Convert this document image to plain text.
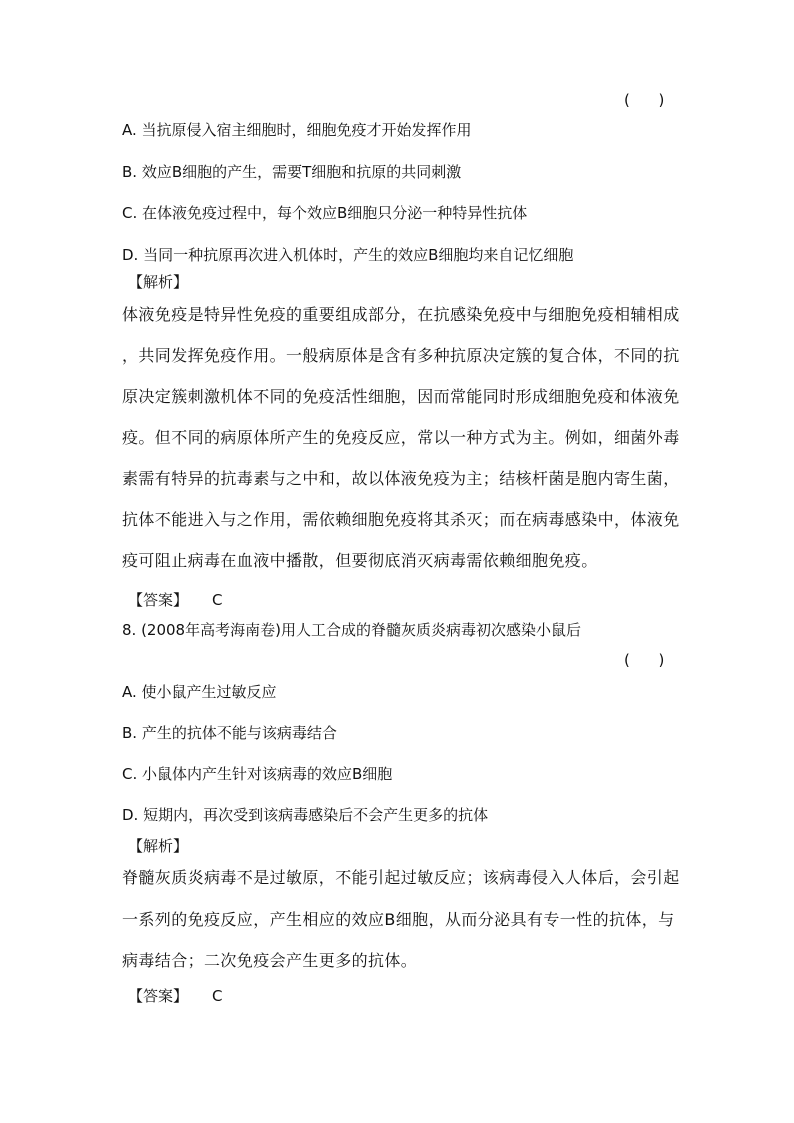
(      )
A. 当抗原侵入宿主细胞时，细胞免疫才开始发挥作用
B. 效应B细胞的产生，需要T细胞和抗原的共同刺激
C. 在体液免疫过程中，每个效应B细胞只分泌一种特异性抗体
D. 当同一种抗原再次进入机体时，产生的效应B细胞均来自记忆细胞
【解析】
体液免疫是特异性免疫的重要组成部分，在抗感染免疫中与细胞免疫相辅相成
，共同发挥免疫作用。一般病原体是含有多种抗原决定簇的复合体，不同的抗
原决定簇刺激机体不同的免疫活性细胞，因而常能同时形成细胞免疫和体液免
疫。但不同的病原体所产生的免疫反应，常以一种方式为主。例如，细菌外毒
素需有特异的抗毒素与之中和，故以体液免疫为主；结核杆菌是胞内寄生菌，
抗体不能进入与之作用，需依赖细胞免疫将其杀灭；而在病毒感染中，体液免
疫可阻止病毒在血液中播散，但要彻底消灭病毒需依赖细胞免疫。
【答案】 C
8. (2008年高考海南卷)用人工合成的脊髓灰质炎病毒初次感染小鼠后
(      )
A. 使小鼠产生过敏反应
B. 产生的抗体不能与该病毒结合
C. 小鼠体内产生针对该病毒的效应B细胞
D. 短期内，再次受到该病毒感染后不会产生更多的抗体
【解析】
脊髓灰质炎病毒不是过敏原，不能引起过敏反应；该病毒侵入人体后，会引起
一系列的免疫反应，产生相应的效应B细胞，从而分泌具有专一性的抗体，与
病毒结合；二次免疫会产生更多的抗体。
【答案】 C
